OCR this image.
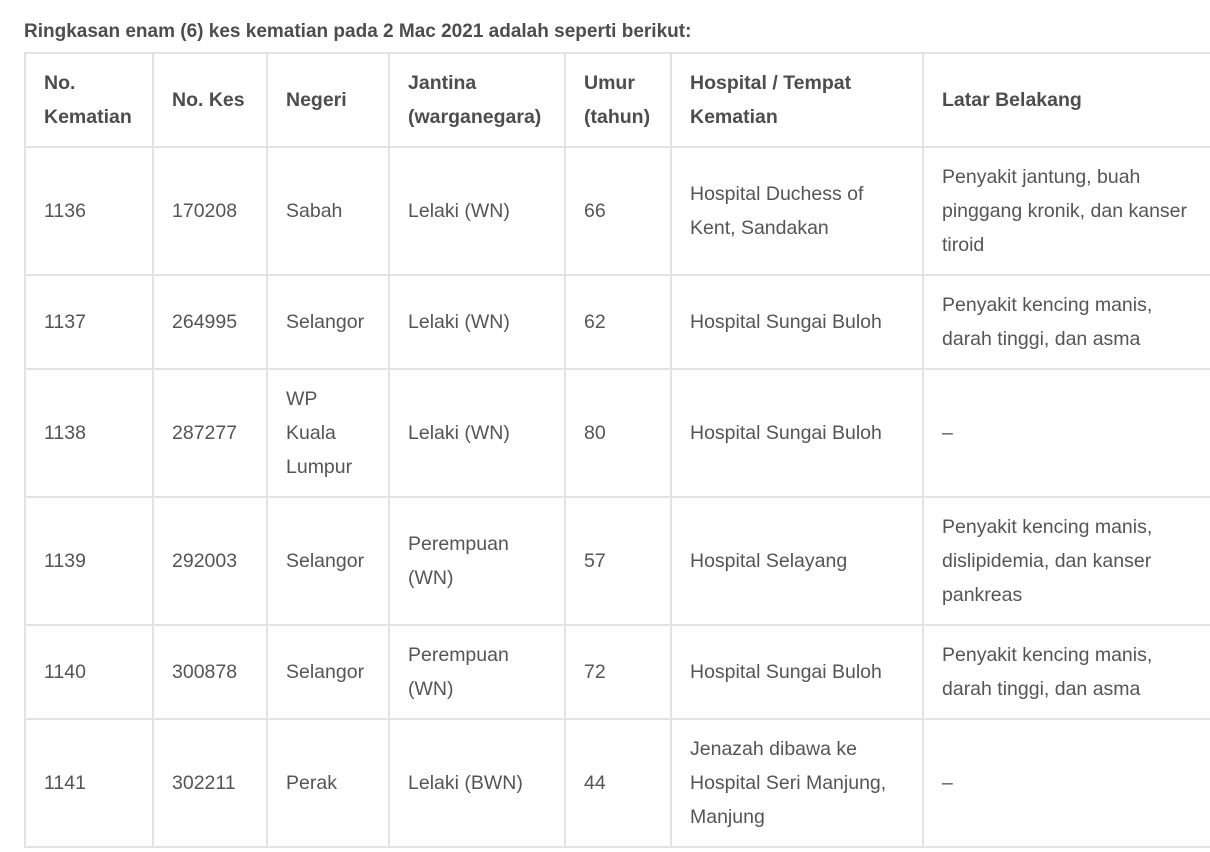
Ringkasan enam (6) kes kematian pada 2 Mac 2021 adalah seperti berikut:

No. Kematian	No. Kes	Negeri	Jantina (warganegara)	Umur (tahun)	Hospital / Tempat Kematian	Latar Belakang
1136	170208	Sabah	Lelaki (WN)	66	Hospital Duchess of Kent, Sandakan	Penyakit jantung, buah pinggang kronik, dan kanser tiroid
1137	264995	Selangor	Lelaki (WN)	62	Hospital Sungai Buloh	Penyakit kencing manis, darah tinggi, dan asma
1138	287277	WP Kuala Lumpur	Lelaki (WN)	80	Hospital Sungai Buloh	–
1139	292003	Selangor	Perempuan (WN)	57	Hospital Selayang	Penyakit kencing manis, dislipidemia, dan kanser pankreas
1140	300878	Selangor	Perempuan (WN)	72	Hospital Sungai Buloh	Penyakit kencing manis, darah tinggi, dan asma
1141	302211	Perak	Lelaki (BWN)	44	Jenazah dibawa ke Hospital Seri Manjung, Manjung	–
